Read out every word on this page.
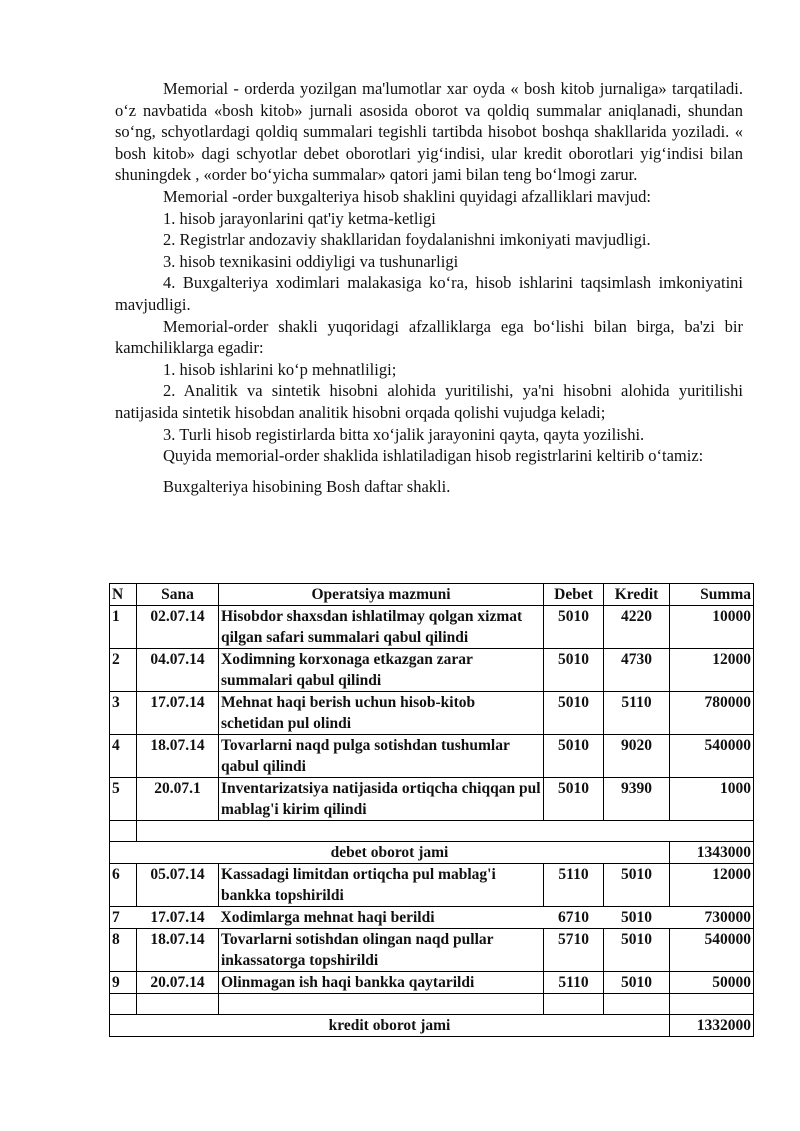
Memorial - orderda yozilgan ma'lumotlar xar oyda « bosh kitob jurnaliga» tarqatiladi. o‘z navbatida «bosh kitob» jurnali asosida oborot va qoldiq summalar aniqlanadi, shundan so‘ng, schyotlardagi qoldiq summalari tegishli tartibda hisobot boshqa shakllarida yoziladi. « bosh kitob» dagi schyotlar debet oborotlari yig‘indisi, ular kredit oborotlari yig‘indisi bilan shuningdek , «order bo‘yicha summalar» qatori jami bilan teng bo‘lmogi zarur.

Memorial -order buxgalteriya hisob shaklini quyidagi afzalliklari mavjud:

1. hisob jarayonlarini qat'iy ketma-ketligi

2. Registrlar andozaviy shakllaridan foydalanishni imkoniyati mavjudligi.

3. hisob texnikasini oddiyligi va tushunarligi

4. Buxgalteriya xodimlari malakasiga ko‘ra, hisob ishlarini taqsimlash imkoniyatini mavjudligi.

Memorial-order shakli yuqoridagi afzalliklarga ega bo‘lishi bilan birga, ba'zi bir kamchiliklarga egadir:

1. hisob ishlarini ko‘p mehnatliligi;

2. Analitik va sintetik hisobni alohida yuritilishi, ya'ni hisobni alohida yuritilishi natijasida sintetik hisobdan analitik hisobni orqada qolishi vujudga keladi;

3. Turli hisob registirlarda bitta xo‘jalik jarayonini qayta, qayta yozilishi.

Quyida memorial-order shaklida ishlatiladigan hisob registrlarini keltirib o‘tamiz:

Buxgalteriya hisobining Bosh daftar shakli.

N	Sana	Operatsiya mazmuni	Debet	Kredit	Summa
1	02.07.14	Hisobdor shaxsdan ishlatilmay qolgan xizmat qilgan safari summalari qabul qilindi	5010	4220	10000
2	04.07.14	Xodimning korxonaga etkazgan zarar summalari qabul qilindi	5010	4730	12000
3	17.07.14	Mehnat haqi berish uchun hisob-kitob schetidan pul olindi	5010	5110	780000
4	18.07.14	Tovarlarni naqd pulga sotishdan tushumlar qabul qilindi	5010	9020	540000
5	20.07.1	Inventarizatsiya natijasida ortiqcha chiqqan pul mablag'i kirim qilindi	5010	9390	1000

debet oborot jami					1343000
6	05.07.14	Kassadagi limitdan ortiqcha pul mablag'i bankka topshirildi	5110	5010	12000
7	17.07.14	Xodimlarga mehnat haqi berildi	6710	5010	730000
8	18.07.14	Tovarlarni sotishdan olingan naqd pullar inkassatorga topshirildi	5710	5010	540000
9	20.07.14	Olinmagan ish haqi bankka qaytarildi	5110	5010	50000

kredit oborot jami					1332000
